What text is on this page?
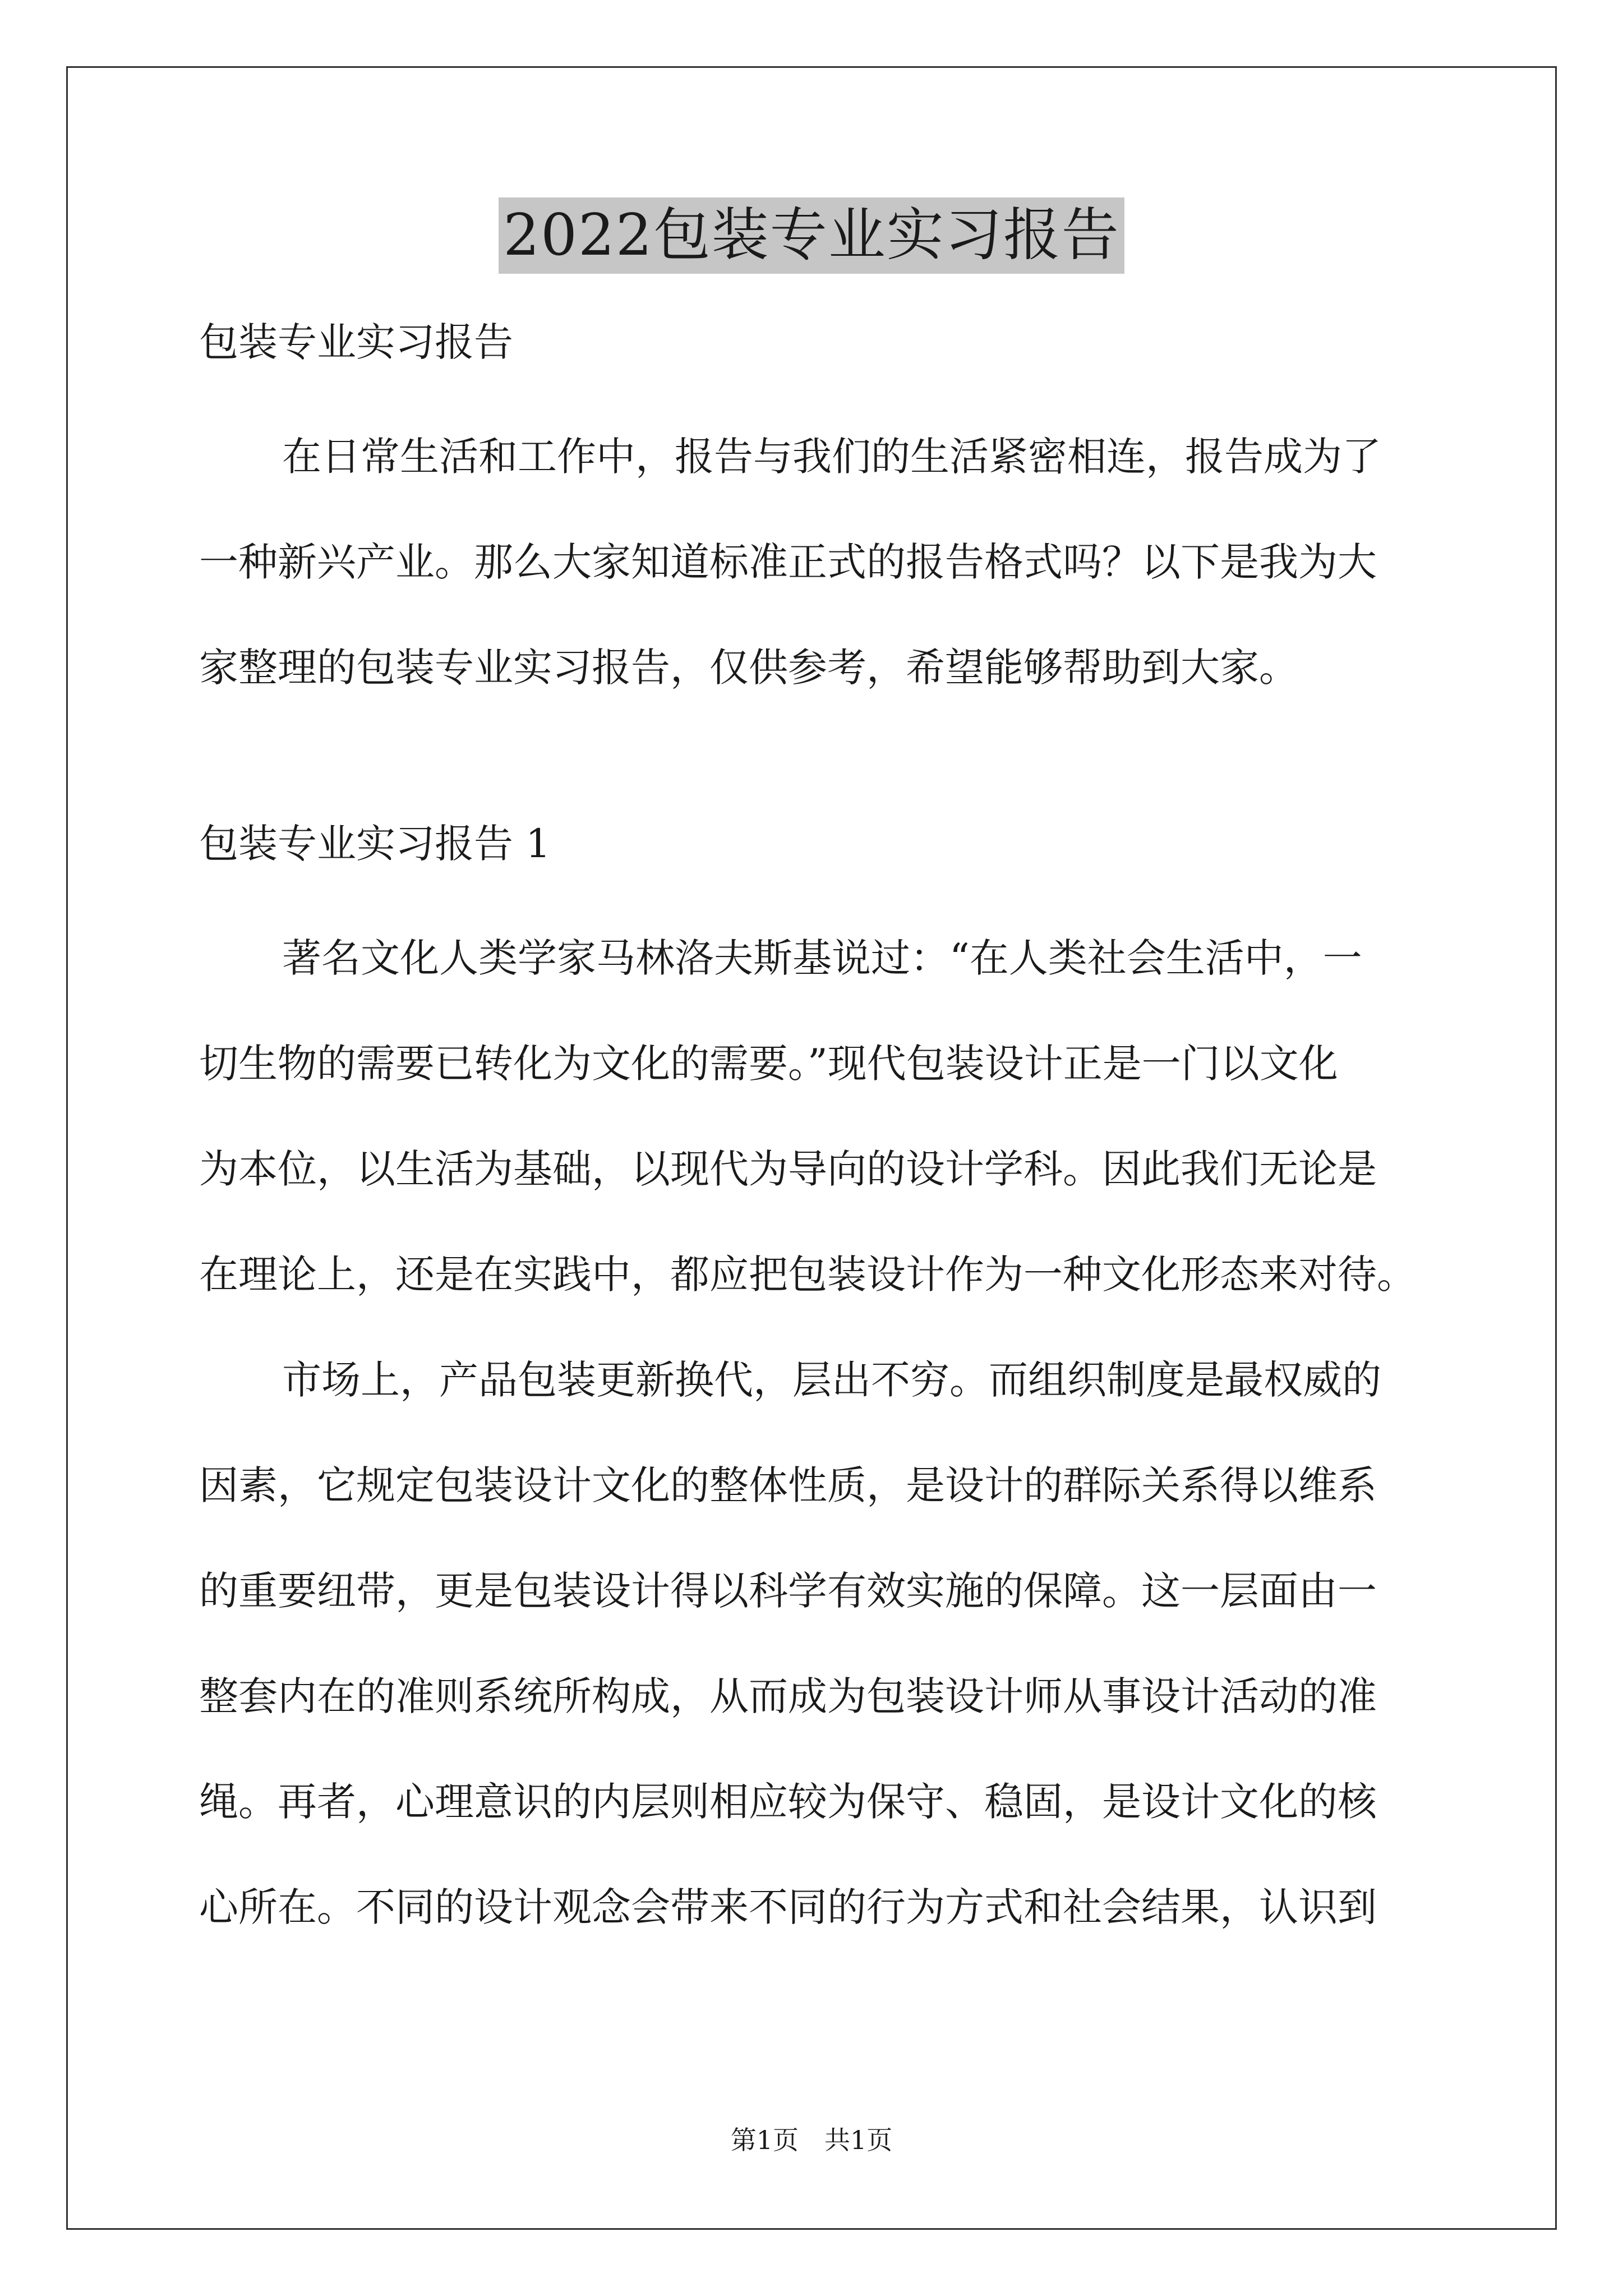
2022包装专业实习报告

包装专业实习报告

在日常生活和工作中，报告与我们的生活紧密相连，报告成为了
一种新兴产业。那么大家知道标准正式的报告格式吗？以下是我为大
家整理的包装专业实习报告，仅供参考，希望能够帮助到大家。

包装专业实习报告 1

著名文化人类学家马林洛夫斯基说过：“在人类社会生活中，一
切生物的需要已转化为文化的需要。”现代包装设计正是一门以文化
为本位，以生活为基础，以现代为导向的设计学科。因此我们无论是
在理论上，还是在实践中，都应把包装设计作为一种文化形态来对待。

市场上，产品包装更新换代，层出不穷。而组织制度是最权威的
因素，它规定包装设计文化的整体性质，是设计的群际关系得以维系
的重要纽带，更是包装设计得以科学有效实施的保障。这一层面由一
整套内在的准则系统所构成，从而成为包装设计师从事设计活动的准
绳。再者，心理意识的内层则相应较为保守、稳固，是设计文化的核
心所在。不同的设计观念会带来不同的行为方式和社会结果，认识到

第1页　共1页
